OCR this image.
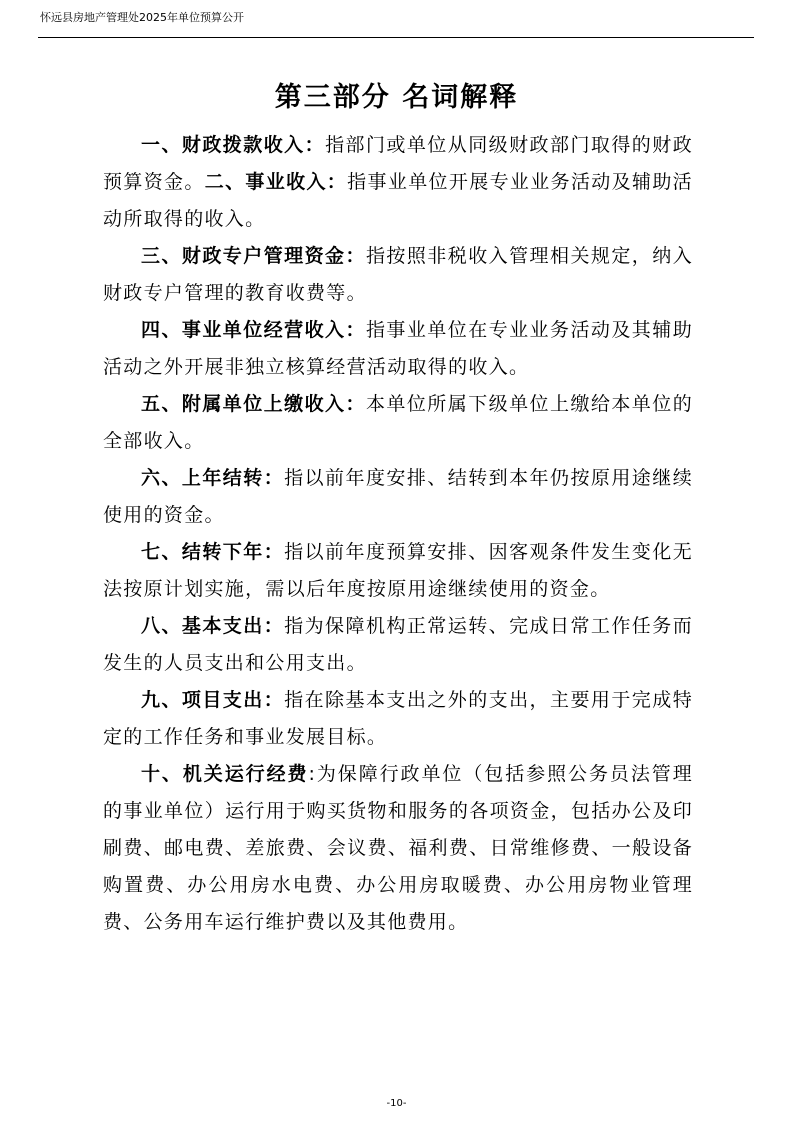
怀远县房地产管理处2025年单位预算公开
第三部分 名词解释

一、财政拨款收入：指部门或单位从同级财政部门取得的财政预算资金。二、事业收入：指事业单位开展专业业务活动及辅助活动所取得的收入。

三、财政专户管理资金：指按照非税收入管理相关规定，纳入财政专户管理的教育收费等。

四、事业单位经营收入：指事业单位在专业业务活动及其辅助活动之外开展非独立核算经营活动取得的收入。

五、附属单位上缴收入：本单位所属下级单位上缴给本单位的全部收入。

六、上年结转：指以前年度安排、结转到本年仍按原用途继续使用的资金。

七、结转下年：指以前年度预算安排、因客观条件发生变化无法按原计划实施，需以后年度按原用途继续使用的资金。

八、基本支出：指为保障机构正常运转、完成日常工作任务而发生的人员支出和公用支出。

九、项目支出：指在除基本支出之外的支出，主要用于完成特定的工作任务和事业发展目标。

十、机关运行经费:为保障行政单位（包括参照公务员法管理的事业单位）运行用于购买货物和服务的各项资金，包括办公及印刷费、邮电费、差旅费、会议费、福利费、日常维修费、一般设备购置费、办公用房水电费、办公用房取暖费、办公用房物业管理费、公务用车运行维护费以及其他费用。

-10-
